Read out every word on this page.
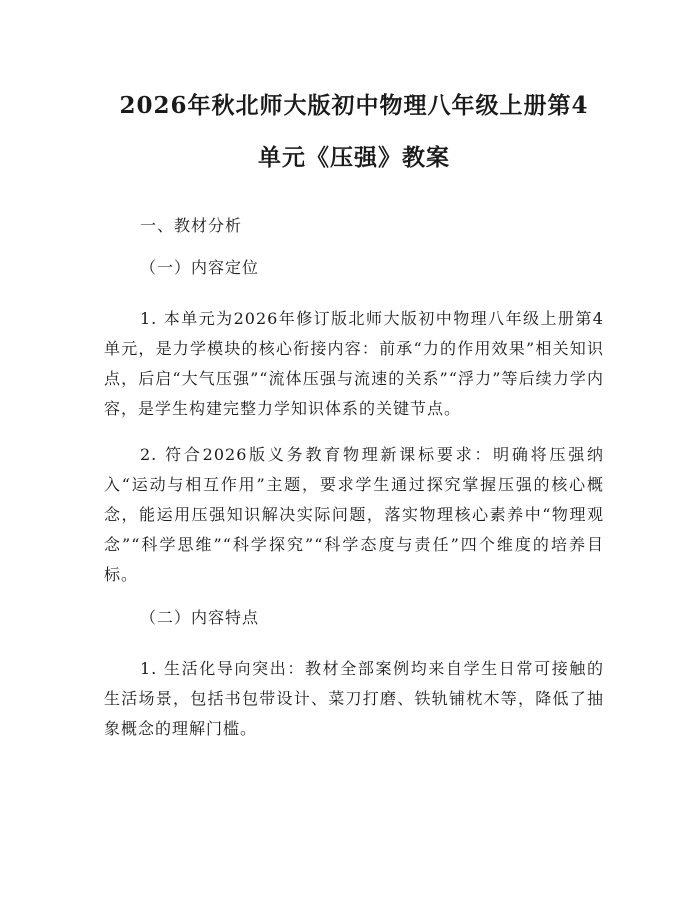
2026年秋北师大版初中物理八年级上册第4
单元《压强》教案
一、教材分析
（一）内容定位

1. 本单元为2026年修订版北师大版初中物理八年级上册第4单元，是力学模块的核心衔接内容：前承“力的作用效果”相关知识点，后启“大气压强”“流体压强与流速的关系”“浮力”等后续力学内容，是学生构建完整力学知识体系的关键节点。

2. 符合2026版义务教育物理新课标要求：明确将压强纳入“运动与相互作用”主题，要求学生通过探究掌握压强的核心概念，能运用压强知识解决实际问题，落实物理核心素养中“物理观念”“科学思维”“科学探究”“科学态度与责任”四个维度的培养目标。

（二）内容特点

1. 生活化导向突出：教材全部案例均来自学生日常可接触的生活场景，包括书包带设计、菜刀打磨、铁轨铺枕木等，降低了抽象概念的理解门槛。
